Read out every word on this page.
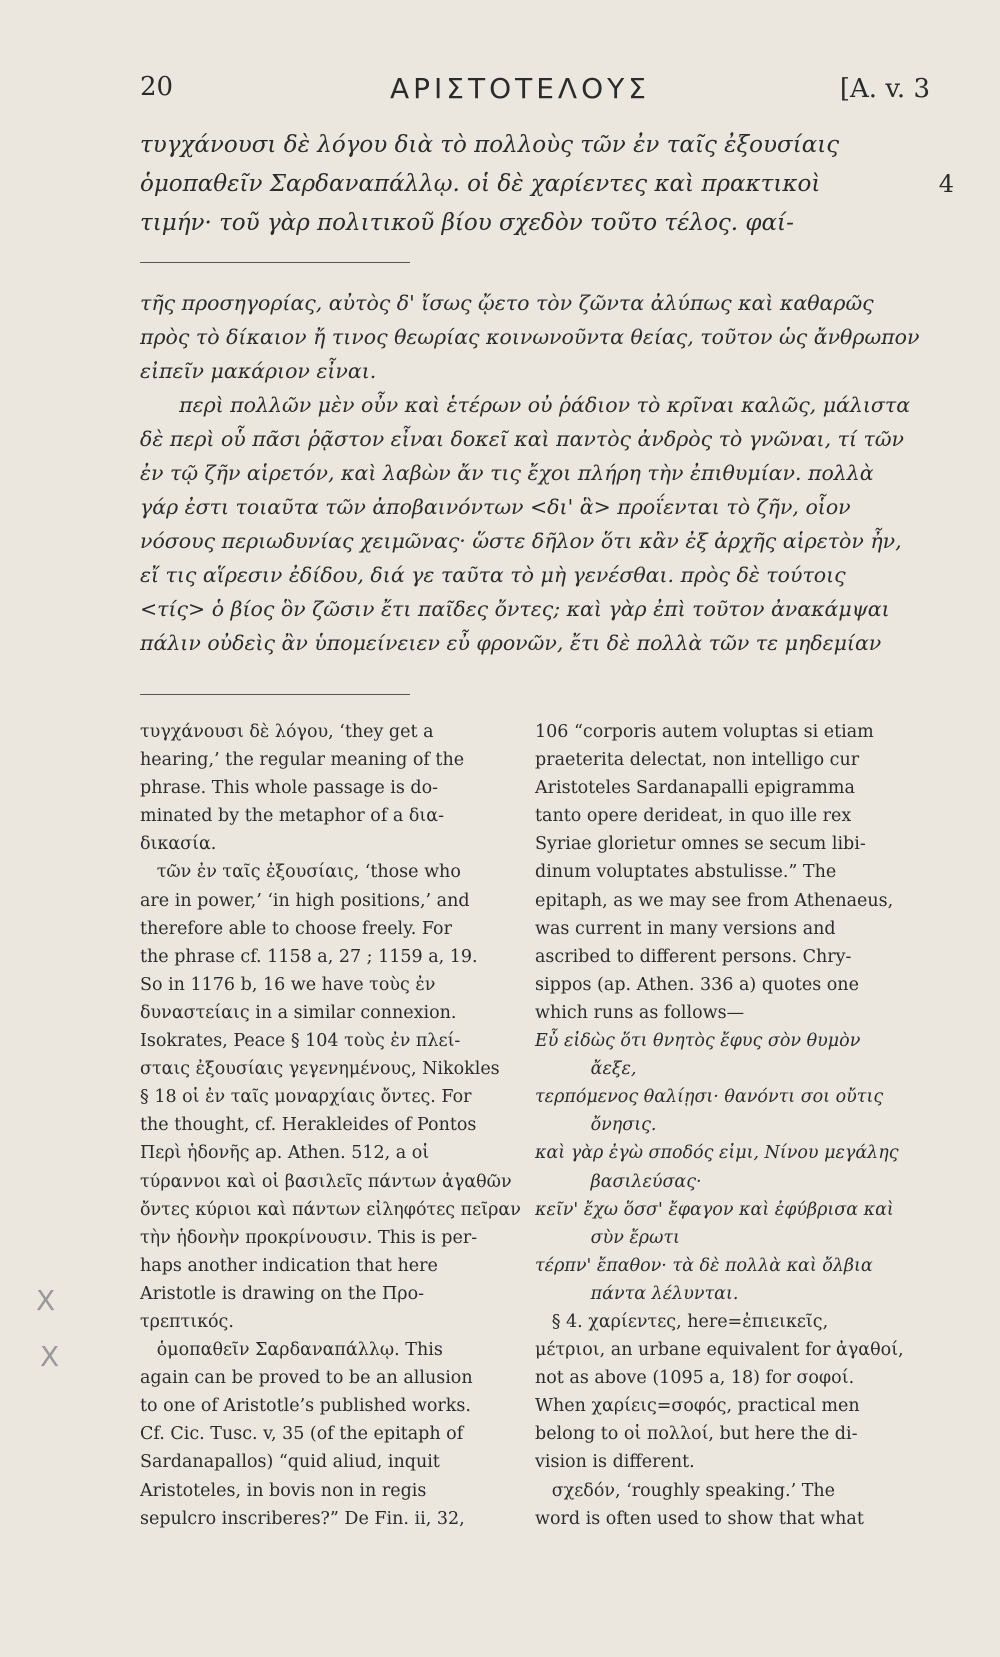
20	ΑΡΙΣΤΟΤΕΛΟΥΣ	[A. v. 3
τυγχάνουσι δὲ λόγου διὰ τὸ πολλοὺς τῶν ἐν ταῖς ἐξουσίαις
ὁμοπαθεῖν Σαρδαναπάλλῳ. οἱ δὲ χαρίεντες καὶ πρακτικοὶ	4
τιμήν· τοῦ γὰρ πολιτικοῦ βίου σχεδὸν τοῦτο τέλος. φαί-
τῆς προσηγορίας, αὐτὸς δ' ἴσως ᾤετο τὸν ζῶντα ἀλύπως καὶ καθαρῶς
πρὸς τὸ δίκαιον ἤ τινος θεωρίας κοινωνοῦντα θείας, τοῦτον ὡς ἄνθρωπον
εἰπεῖν μακάριον εἶναι.
περὶ πολλῶν μὲν οὖν καὶ ἑτέρων οὐ ῥάδιον τὸ κρῖναι καλῶς, μάλιστα
δὲ περὶ οὗ πᾶσι ῥᾷστον εἶναι δοκεῖ καὶ παντὸς ἀνδρὸς τὸ γνῶναι, τί τῶν
ἐν τῷ ζῆν αἱρετόν, καὶ λαβὼν ἄν τις ἔχοι πλήρη τὴν ἐπιθυμίαν. πολλὰ
γάρ ἐστι τοιαῦτα τῶν ἀποβαινόντων <δι' ἃ> προΐενται τὸ ζῆν, οἷον
νόσους περιωδυνίας χειμῶνας· ὥστε δῆλον ὅτι κἂν ἐξ ἀρχῆς αἱρετὸν ἦν,
εἴ τις αἵρεσιν ἐδίδου, διά γε ταῦτα τὸ μὴ γενέσθαι. πρὸς δὲ τούτοις
<τίς> ὁ βίος ὃν ζῶσιν ἔτι παῖδες ὄντες; καὶ γὰρ ἐπὶ τοῦτον ἀνακάμψαι
πάλιν οὐδεὶς ἂν ὑπομείνειεν εὖ φρονῶν, ἔτι δὲ πολλὰ τῶν τε μηδεμίαν
τυγχάνουσι δὲ λόγου, ‘they get a
hearing,’ the regular meaning of the
phrase. This whole passage is do-
minated by the metaphor of a δια-
δικασία.
τῶν ἐν ταῖς ἐξουσίαις, ‘those who
are in power,’ ‘in high positions,’ and
therefore able to choose freely. For
the phrase cf. 1158 a, 27 ; 1159 a, 19.
So in 1176 b, 16 we have τοὺς ἐν
δυναστείαις in a similar connexion.
Isokrates, Peace § 104 τοὺς ἐν πλεί-
σταις ἐξουσίαις γεγενημένους, Nikokles
§ 18 οἱ ἐν ταῖς μοναρχίαις ὄντες. For
the thought, cf. Herakleides of Pontos
Περὶ ἡδονῆς ap. Athen. 512, a οἱ
τύραννοι καὶ οἱ βασιλεῖς πάντων ἀγαθῶν
ὄντες κύριοι καὶ πάντων εἰληφότες πεῖραν
τὴν ἡδονὴν προκρίνουσιν. This is per-
haps another indication that here
Aristotle is drawing on the Προ-
τρεπτικός.
ὁμοπαθεῖν Σαρδαναπάλλῳ. This
again can be proved to be an allusion
to one of Aristotle’s published works.
Cf. Cic. Tusc. v, 35 (of the epitaph of
Sardanapallos) “quid aliud, inquit
Aristoteles, in bovis non in regis
sepulcro inscriberes?” De Fin. ii, 32,
106 “corporis autem voluptas si etiam
praeterita delectat, non intelligo cur
Aristoteles Sardanapalli epigramma
tanto opere derideat, in quo ille rex
Syriae glorietur omnes se secum libi-
dinum voluptates abstulisse.” The
epitaph, as we may see from Athenaeus,
was current in many versions and
ascribed to different persons. Chry-
sippos (ap. Athen. 336 a) quotes one
which runs as follows—
Εὖ εἰδὼς ὅτι θνητὸς ἔφυς σὸν θυμὸν
ἄεξε,
τερπόμενος θαλίῃσι· θανόντι σοι οὔτις
ὄνησις.
καὶ γὰρ ἐγὼ σποδός εἰμι, Νίνου μεγάλης
βασιλεύσας·
κεῖν' ἔχω ὅσσ' ἔφαγον καὶ ἐφύβρισα καὶ
σὺν ἔρωτι
τέρπν' ἔπαθον· τὰ δὲ πολλὰ καὶ ὄλβια
πάντα λέλυνται.
§ 4. χαρίεντες, here=ἐπιεικεῖς,
μέτριοι, an urbane equivalent for ἀγαθοί,
not as above (1095 a, 18) for σοφοί.
When χαρίεις=σοφός, practical men
belong to οἱ πολλοί, but here the di-
vision is different.
σχεδόν, ‘roughly speaking.’ The
word is often used to show that what
X
X
